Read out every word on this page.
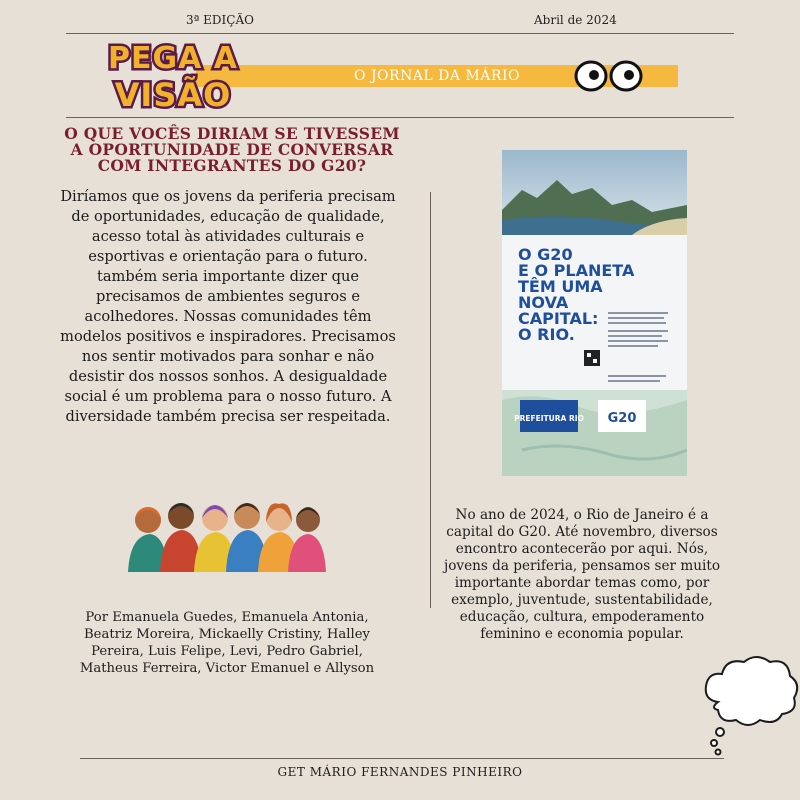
3ª EDIÇÃO	Abril de 2024
O JORNAL DA MÁRIO
PEGA A
VISÃO
O QUE VOCÊS DIRIAM SE TIVESSEM A OPORTUNIDADE DE CONVERSAR COM INTEGRANTES DO G20?
Diríamos que os jovens da periferia precisam de oportunidades, educação de qualidade, acesso total às atividades culturais e esportivas e orientação para o futuro. também seria importante dizer que precisamos de ambientes seguros e acolhedores. Nossas comunidades têm modelos positivos e inspiradores. Precisamos nos sentir motivados para sonhar e não desistir dos nossos sonhos. A desigualdade social é um problema para o nosso futuro. A diversidade também precisa ser respeitada.
Por Emanuela Guedes, Emanuela Antonia, Beatriz Moreira, Mickaelly Cristiny, Halley Pereira, Luis Felipe, Levi, Pedro Gabriel, Matheus Ferreira, Victor Emanuel e Allyson
O G20
E O PLANETA
TÊM UMA
NOVA
CAPITAL:
O RIO.
PREFEITURA RIO G20
No ano de 2024, o Rio de Janeiro é a capital do G20. Até novembro, diversos encontro acontecerão por aqui. Nós, jovens da periferia, pensamos ser muito importante abordar temas como, por exemplo, juventude, sustentabilidade, educação, cultura, empoderamento feminino e economia popular.
GET MÁRIO FERNANDES PINHEIRO
